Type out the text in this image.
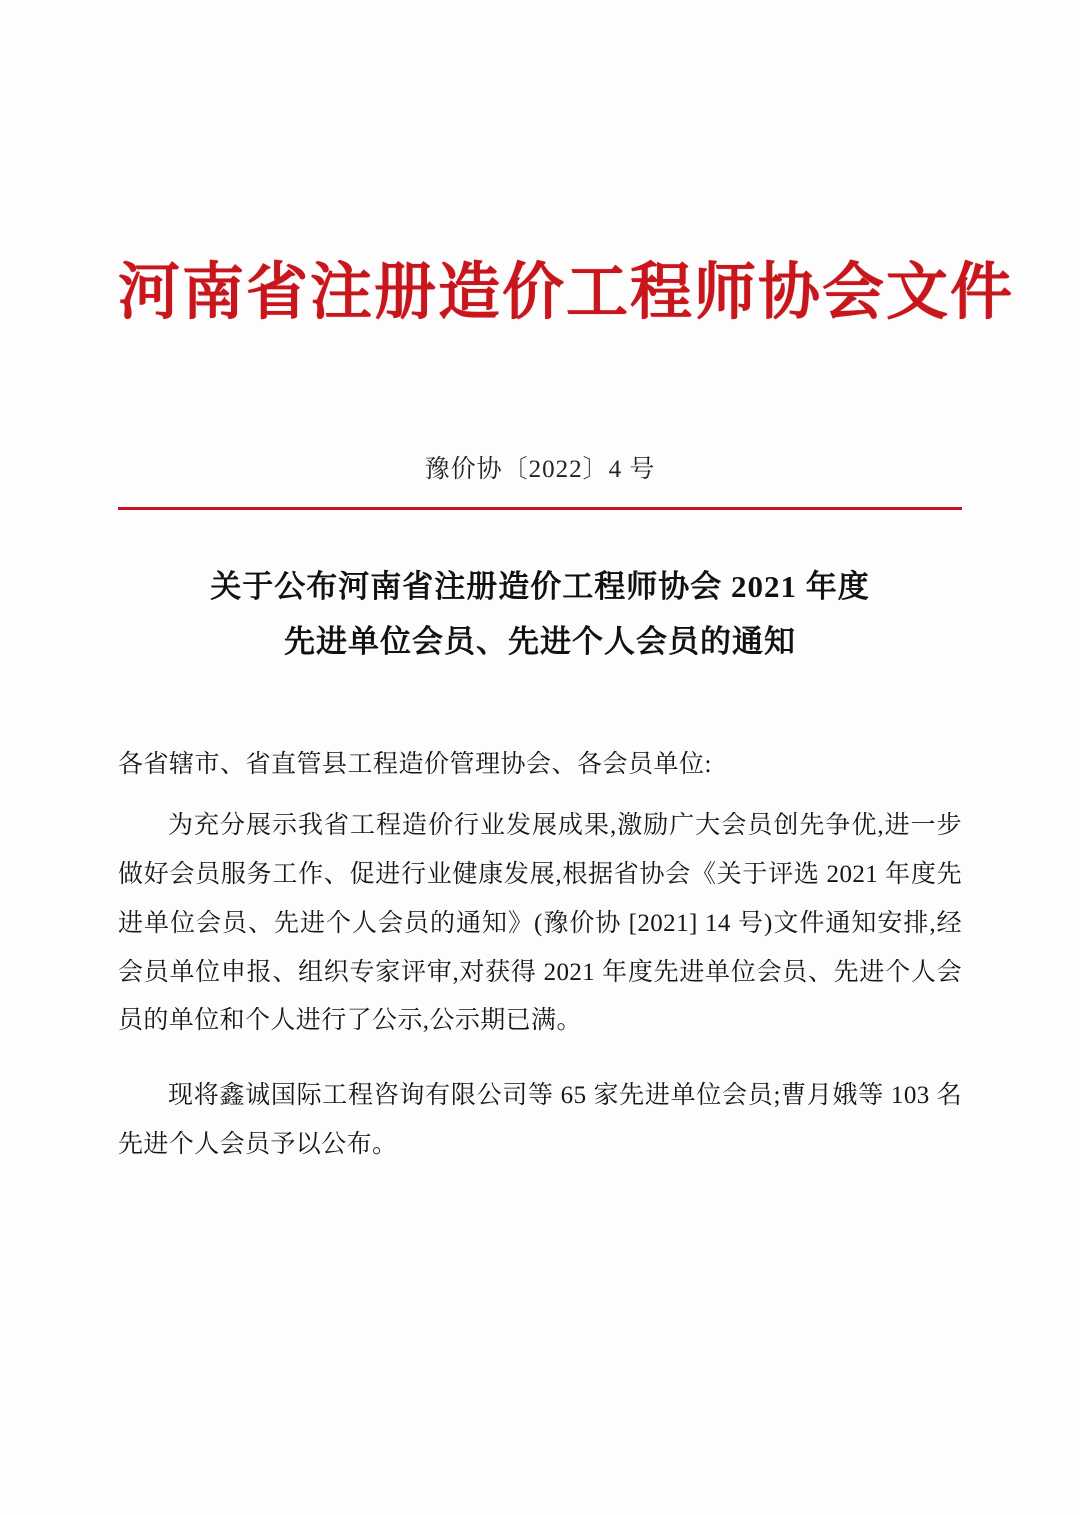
河南省注册造价工程师协会文件
豫价协〔2022〕4 号
关于公布河南省注册造价工程师协会 2021 年度
先进单位会员、先进个人会员的通知
各省辖市、省直管县工程造价管理协会、各会员单位:
为充分展示我省工程造价行业发展成果,激励广大会员创先争优,进一步做好会员服务工作、促进行业健康发展,根据省协会《关于评选 2021 年度先进单位会员、先进个人会员的通知》(豫价协 [2021] 14 号)文件通知安排,经会员单位申报、组织专家评审,对获得 2021 年度先进单位会员、先进个人会员的单位和个人进行了公示,公示期已满。
现将鑫诚国际工程咨询有限公司等 65 家先进单位会员;曹月娥等 103 名先进个人会员予以公布。
